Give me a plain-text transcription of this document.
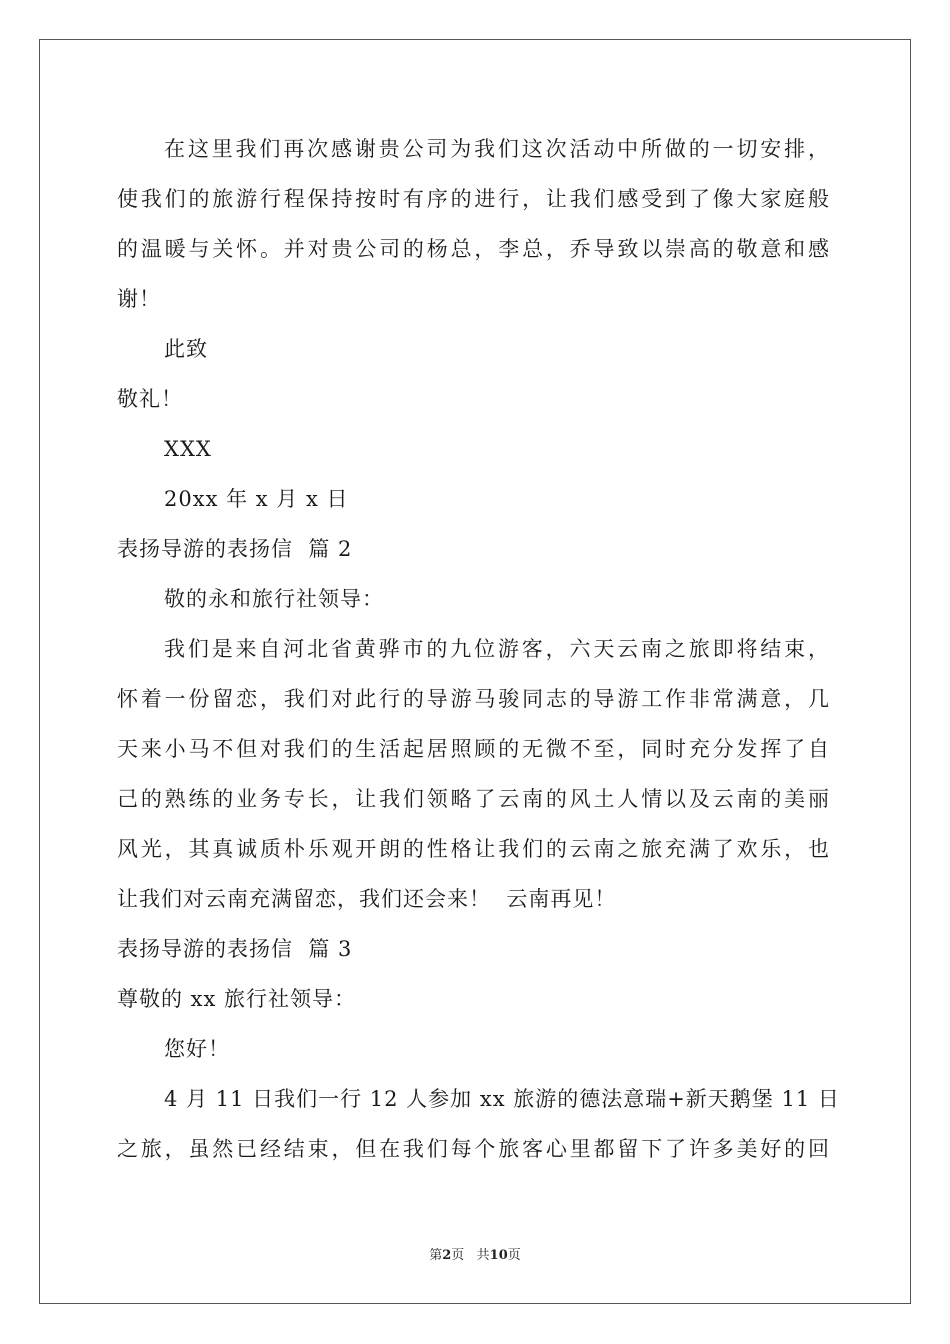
在这里我们再次感谢贵公司为我们这次活动中所做的一切安排，
使我们的旅游行程保持按时有序的进行，让我们感受到了像大家庭般
的温暖与关怀。并对贵公司的杨总，李总，乔导致以崇高的敬意和感
谢！
此致
敬礼！
XXX
20xx 年 x 月 x 日
表扬导游的表扬信  篇 2
敬的永和旅行社领导：
我们是来自河北省黄骅市的九位游客，六天云南之旅即将结束，
怀着一份留恋，我们对此行的导游马骏同志的导游工作非常满意，几
天来小马不但对我们的生活起居照顾的无微不至，同时充分发挥了自
己的熟练的业务专长，让我们领略了云南的风土人情以及云南的美丽
风光，其真诚质朴乐观开朗的性格让我们的云南之旅充满了欢乐，也
让我们对云南充满留恋，我们还会来！  云南再见！
表扬导游的表扬信  篇 3
尊敬的 xx 旅行社领导：
您好！
4 月 11 日我们一行 12 人参加 xx 旅游的德法意瑞+新天鹅堡 11 日
之旅，虽然已经结束，但在我们每个旅客心里都留下了许多美好的回
第2页   共10页
